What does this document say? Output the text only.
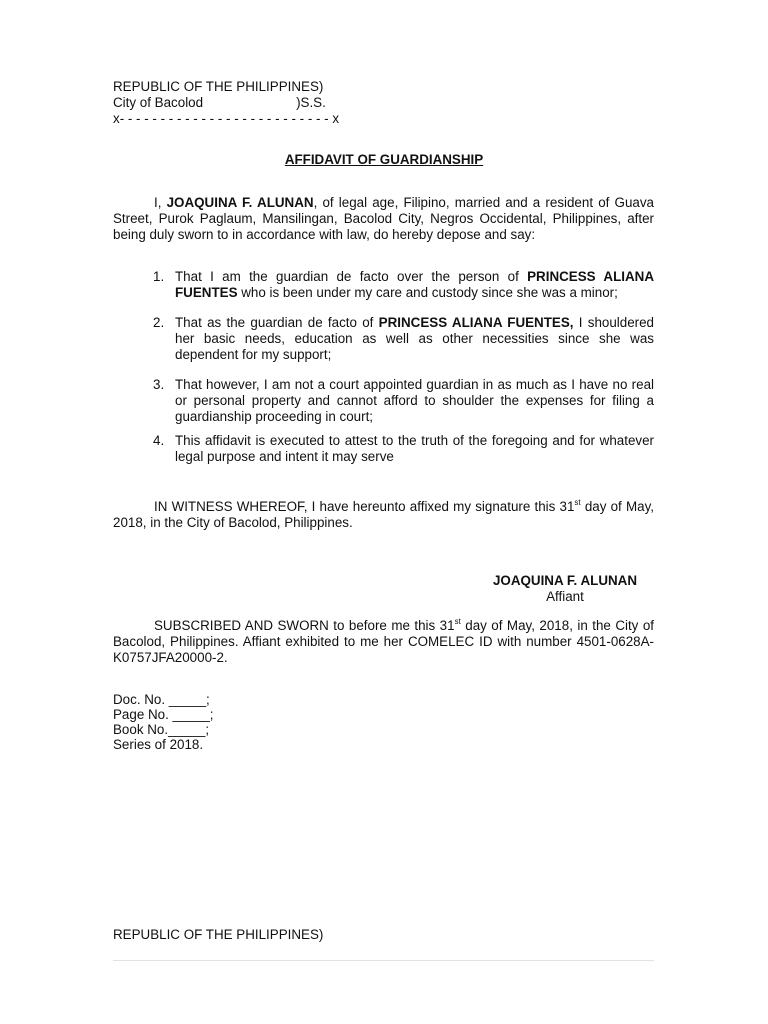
REPUBLIC OF THE PHILIPPINES)
City of Bacolod                         )S.S.
x- - - - - - - - - - - - - - - - - - - - - - - - - - x
AFFIDAVIT OF GUARDIANSHIP
I, JOAQUINA F. ALUNAN, of legal age, Filipino, married and a resident of Guava Street, Purok Paglaum, Mansilingan, Bacolod City, Negros Occidental, Philippines, after being duly sworn to in accordance with law, do hereby depose and say:
1. That I am the guardian de facto over the person of PRINCESS ALIANA FUENTES who is been under my care and custody since she was a minor;
2. That as the guardian de facto of PRINCESS ALIANA FUENTES, I shouldered her basic needs, education as well as other necessities since she was dependent for my support;
3. That however, I am not a court appointed guardian in as much as I have no real or personal property and cannot afford to shoulder the expenses for filing a guardianship proceeding in court;
4. This affidavit is executed to attest to the truth of the foregoing and for whatever legal purpose and intent it may serve
IN WITNESS WHEREOF, I have hereunto affixed my signature this 31st day of May, 2018, in the City of Bacolod, Philippines.
JOAQUINA F. ALUNAN
Affiant
SUBSCRIBED AND SWORN to before me this 31st day of May, 2018, in the City of Bacolod, Philippines. Affiant exhibited to me her COMELEC ID with number 4501-0628A-K0757JFA20000-2.
Doc. No. _____;
Page No. _____;
Book No._____;
Series of 2018.
REPUBLIC OF THE PHILIPPINES)
